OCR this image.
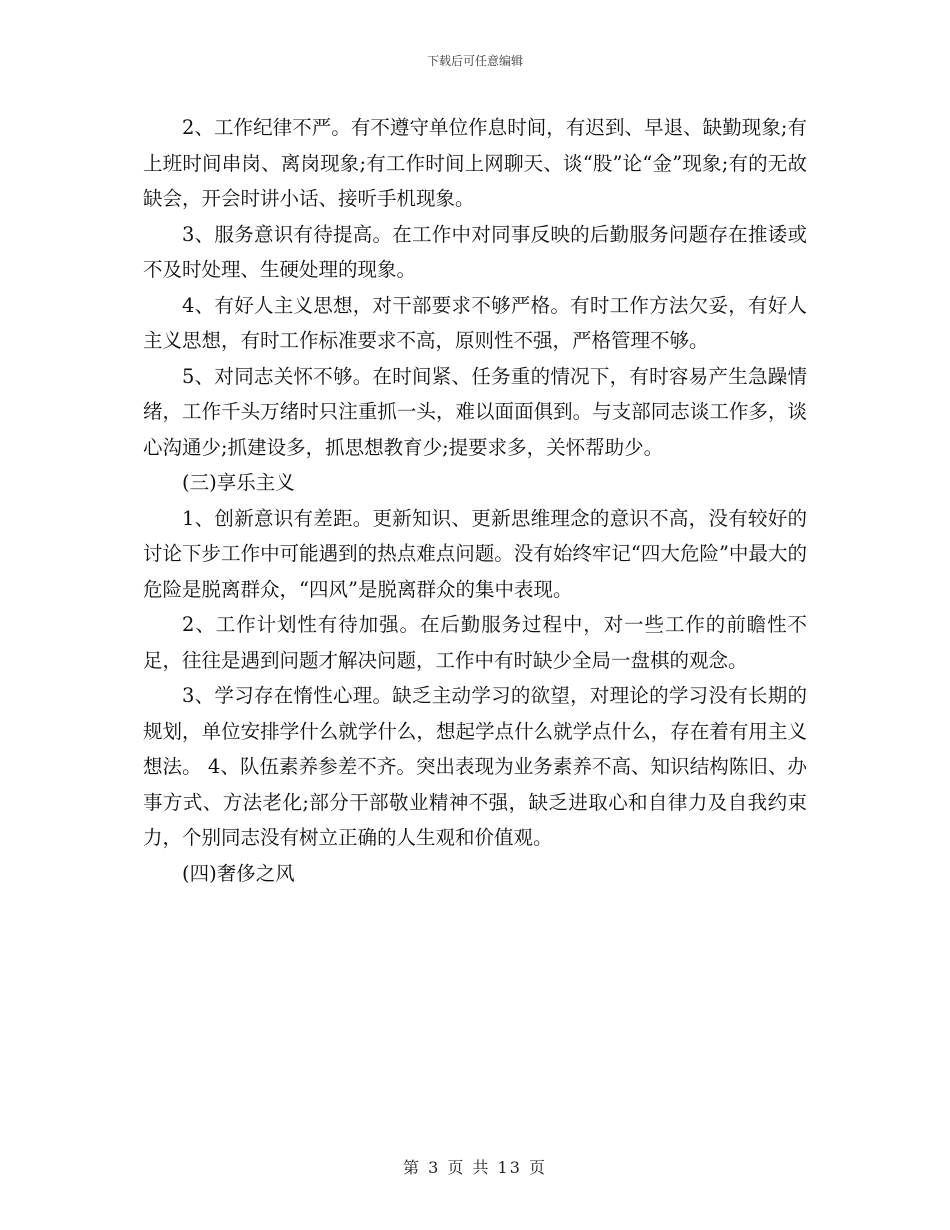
下载后可任意编辑

2、工作纪律不严。有不遵守单位作息时间，有迟到、早退、缺勤现象;有上班时间串岗、离岗现象;有工作时间上网聊天、谈“股”论“金”现象;有的无故缺会，开会时讲小话、接听手机现象。

3、服务意识有待提高。在工作中对同事反映的后勤服务问题存在推诿或不及时处理、生硬处理的现象。

4、有好人主义思想，对干部要求不够严格。有时工作方法欠妥，有好人主义思想，有时工作标准要求不高，原则性不强，严格管理不够。

5、对同志关怀不够。在时间紧、任务重的情况下，有时容易产生急躁情绪，工作千头万绪时只注重抓一头，难以面面俱到。与支部同志谈工作多，谈心沟通少;抓建设多，抓思想教育少;提要求多，关怀帮助少。

(三)享乐主义

1、创新意识有差距。更新知识、更新思维理念的意识不高，没有较好的讨论下步工作中可能遇到的热点难点问题。没有始终牢记“四大危险”中最大的危险是脱离群众，“四风”是脱离群众的集中表现。

2、工作计划性有待加强。在后勤服务过程中，对一些工作的前瞻性不足，往往是遇到问题才解决问题，工作中有时缺少全局一盘棋的观念。

3、学习存在惰性心理。缺乏主动学习的欲望，对理论的学习没有长期的规划，单位安排学什么就学什么，想起学点什么就学点什么，存在着有用主义想法。 4、队伍素养参差不齐。突出表现为业务素养不高、知识结构陈旧、办事方式、方法老化;部分干部敬业精神不强，缺乏进取心和自律力及自我约束力，个别同志没有树立正确的人生观和价值观。

(四)奢侈之风

第 3 页 共 13 页
